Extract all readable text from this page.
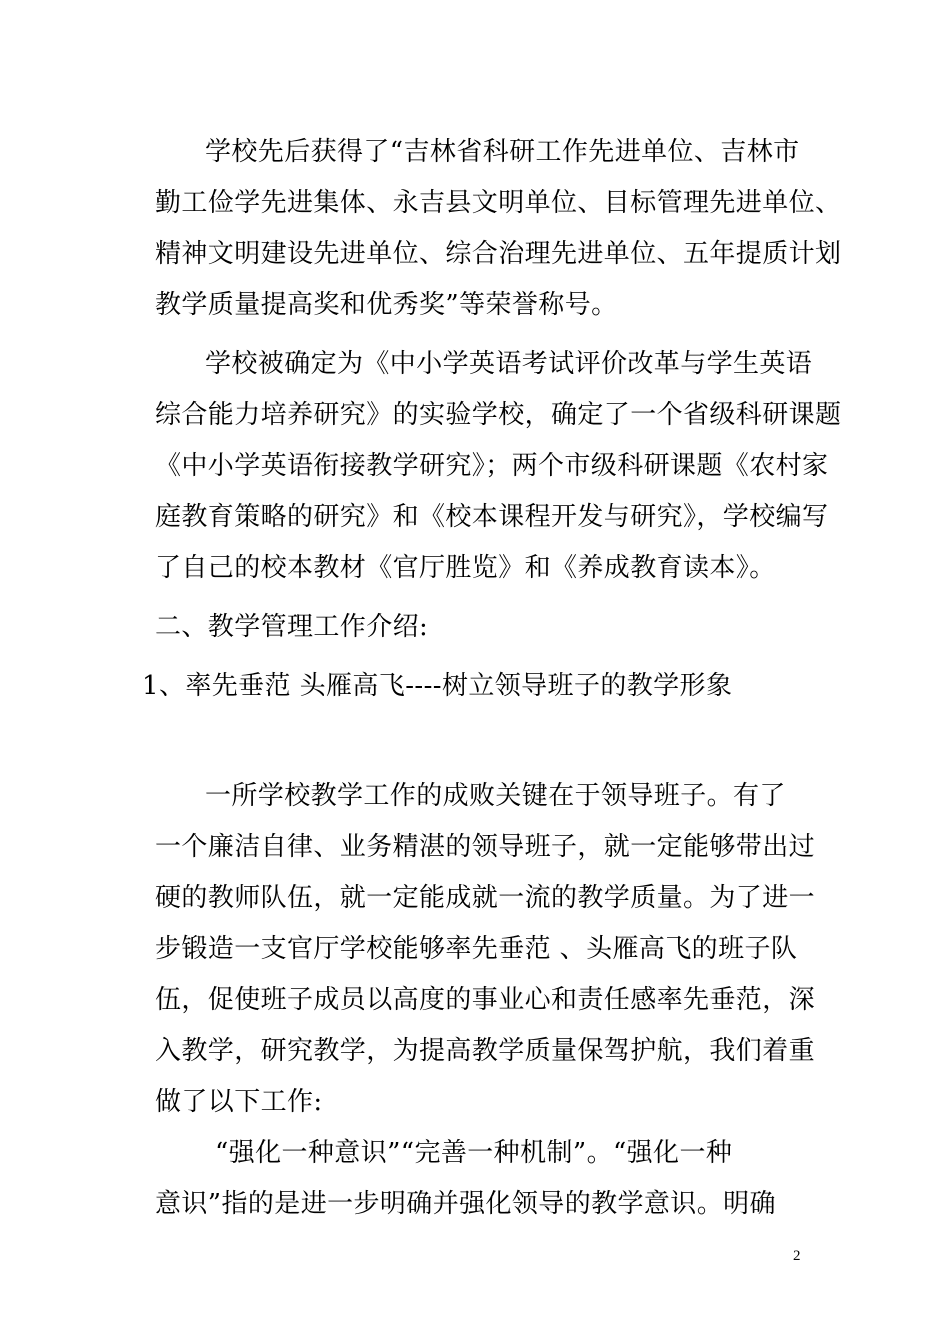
学校先后获得了“吉林省科研工作先进单位、吉林市
勤工俭学先进集体、永吉县文明单位、目标管理先进单位、
精神文明建设先进单位、综合治理先进单位、五年提质计划
教学质量提高奖和优秀奖”等荣誉称号。
学校被确定为《中小学英语考试评价改革与学生英语
综合能力培养研究》的实验学校，确定了一个省级科研课题
《中小学英语衔接教学研究》；两个市级科研课题《农村家
庭教育策略的研究》和《校本课程开发与研究》，学校编写
了自己的校本教材《官厅胜览》和《养成教育读本》。
二、教学管理工作介绍:
1、率先垂范 头雁高飞----树立领导班子的教学形象
一所学校教学工作的成败关键在于领导班子。有了
一个廉洁自律、业务精湛的领导班子，就一定能够带出过
硬的教师队伍，就一定能成就一流的教学质量。为了进一
步锻造一支官厅学校能够率先垂范 、头雁高飞的班子队
伍，促使班子成员以高度的事业心和责任感率先垂范，深
入教学，研究教学，为提高教学质量保驾护航，我们着重
做了以下工作:
“强化一种意识”“完善一种机制”。“强化一种
意识”指的是进一步明确并强化领导的教学意识。明确
2
